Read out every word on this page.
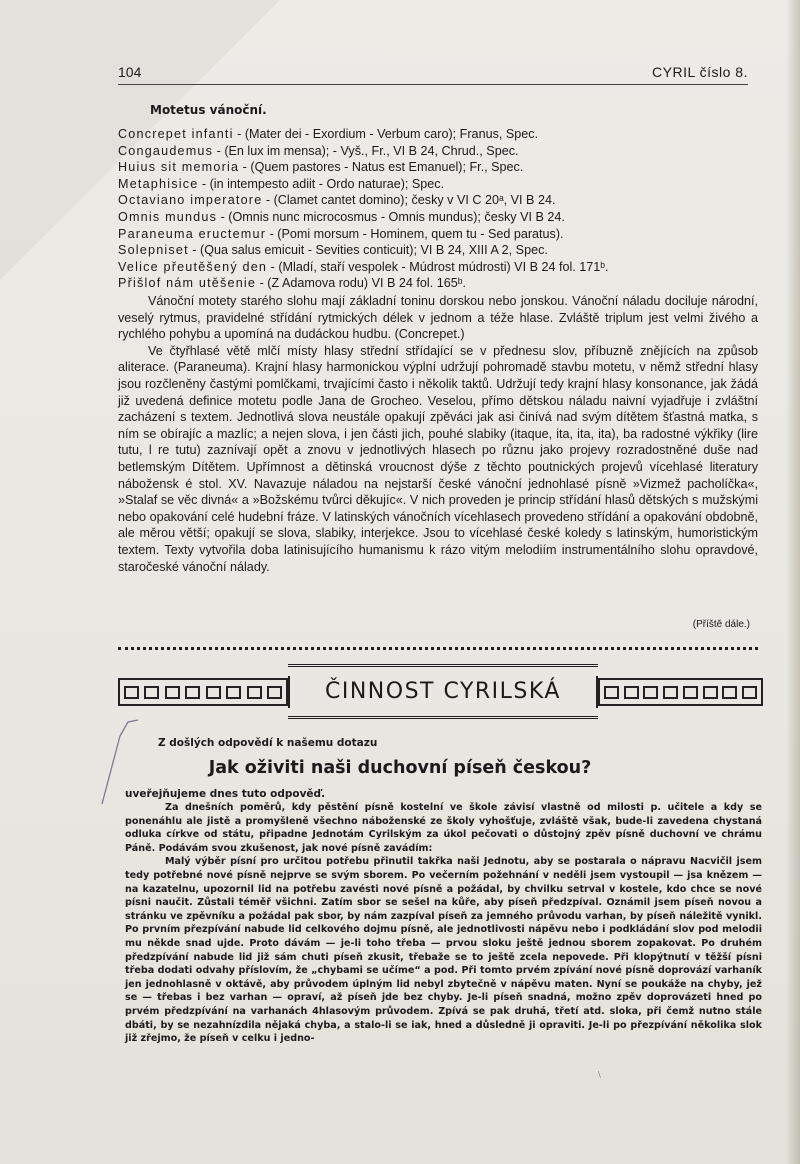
104	CYRIL číslo 8.
Motetus vánoční.
Concrepet infanti - (Mater dei - Exordium - Verbum caro); Franus, Spec.
Congaudemus - (En lux im mensa); - Vyš., Fr., VI B 24, Chrud., Spec.
Huius sit memoria - (Quem pastores - Natus est Emanuel); Fr., Spec.
Metaphisice - (in intempesto adiit - Ordo naturae); Spec.
Octaviano imperatore - (Clamet cantet domino); česky v VI C 20ᵃ, VI B 24.
Omnis mundus - (Omnis nunc microcosmus - Omnis mundus); česky VI B 24.
Paraneuma eructemur - (Pomi morsum - Hominem, quem tu - Sed paratus).
Solepniset - (Qua salus emicuit - Sevities conticuit); VI B 24, XIII A 2, Spec.
Velice přeutěšený den - (Mladí, staří vespolek - Múdrost múdrosti) VI B 24 fol. 171ᵇ.
Přišlof nám utěšenie - (Z Adamova rodu) VI B 24 fol. 165ᵇ.

Vánoční motety starého slohu mají základní toninu dorskou nebo jonskou. Vánoční náladu dociluje národní, veselý rytmus, pravidelné střídání rytmických délek v jednom a téže hlase. Zvláště triplum jest velmi živého a rychlého pohybu a upomíná na dudáckou hudbu. (Concrepet.)

Ve čtyřhlasé větě mlčí místy hlasy střední střídající se v přednesu slov, příbuzně znějících na způsob aliterace. (Paraneuma). Krajní hlasy harmonickou výplní udržují pohromadě stavbu motetu, v němž střední hlasy jsou rozčleněny častými pomlčkami, trvajícími často i několik taktů. Udržují tedy krajní hlasy konsonance, jak žádá již uvedená definice motetu podle Jana de Grocheo. Veselou, přímo dětskou náladu naivní vyjadřuje i zvláštní zacházení s textem. Jednotlivá slova neustále opakují zpěváci jak asi činívá nad svým dítětem šťastná matka, s ním se obírajíc a mazlíc; a nejen slova, i jen části jich, pouhé slabiky (itaque, ita, ita, ita), ba radostné výkřiky (lire tutu, l re tutu) zaznívají opět a znovu v jednotlivých hlasech po různu jako projevy rozradostněné duše nad betlemským Dítětem. Upřímnost a dětinská vroucnost dýše z těchto poutnických projevů vícehlasé literatury nábožensk é stol. XV. Navazuje náladou na nejstarší české vánoční jednohlasé písně »Vizmež pacholíčka«, »Stalaf se věc divná« a »Božskému tvůrci děkujíc«. V nich proveden je princip střídání hlasů dětských s mužskými nebo opakování celé hudební fráze. V latinských vánočních vícehlasech provedeno střídání a opakování obdobně, ale měrou větší; opakují se slova, slabiky, interjekce. Jsou to vícehlasé české koledy s latinským, humoristickým textem. Texty vytvořila doba latinisujícího humanismu k rázo vitým melodiím instrumentálního slohu opravdové, staročeské vánoční nálady.

(Příště dále.)
ČINNOST CYRILSKÁ
Z došlých odpovědí k našemu dotazu
Jak oživiti naši duchovní píseň českou?
uveřejňujeme dnes tuto odpověď.

Za dnešních poměrů, kdy pěstění písně kostelní ve škole závisí vlastně od milosti p. učitele a kdy se ponenáhlu ale jistě a promyšleně všechno náboženské ze školy vyhošťuje, zvláště však, bude-li zavedena chystaná odluka církve od státu, připadne Jednotám Cyrilským za úkol pečovati o důstojný zpěv písně duchovní ve chrámu Páně. Podávám svou zkušenost, jak nové písně zavádím:

Malý výběr písní pro určitou potřebu přinutil takřka naši Jednotu, aby se postarala o nápravu Nacvičil jsem tedy potřebné nové písně nejprve se svým sborem. Po večerním požehnání v neděli jsem vystoupil — jsa knězem — na kazatelnu, upozornil lid na potřebu zavésti nové písně a požádal, by chvilku setrval v kostele, kdo chce se nové písni naučit. Zůstali téměř všichni. Zatím sbor se sešel na kůře, aby píseň předzpíval. Oznámil jsem píseň novou a stránku ve zpěvníku a požádal pak sbor, by nám zazpíval píseň za jemného průvodu varhan, by píseň náležitě vynikl. Po prvním přezpívání nabude lid celkového dojmu písně, ale jednotlivosti nápěvu nebo i podkládání slov pod melodii mu někde snad ujde. Proto dávám — je-li toho třeba — prvou sloku ještě jednou sborem zopakovat. Po druhém předzpívání nabude lid již sám chuti píseň zkusit, třebaže se to ještě zcela nepovede. Při klopýtnutí v těžší písni třeba dodati odvahy příslovím, že „chybami se učíme“ a pod. Při tomto prvém zpívání nové písně doprovází varhaník jen jednohlasně v oktávě, aby průvodem úplným lid nebyl zbytečně v nápěvu maten. Nyní se poukáže na chyby, jež se — třebas i bez varhan — opraví, až píseň jde bez chyby. Je-li píseň snadná, možno zpěv doprovázeti hned po prvém předzpívání na varhanách 4hlasovým průvodem. Zpívá se pak druhá, třetí atd. sloka, při čemž nutno stále dbáti, by se nezahnízdila nějaká chyba, a stalo-li se iak, hned a důsledně ji opraviti. Je-li po přezpívání několika slok již zřejmo, že píseň v celku i jedno-

\
